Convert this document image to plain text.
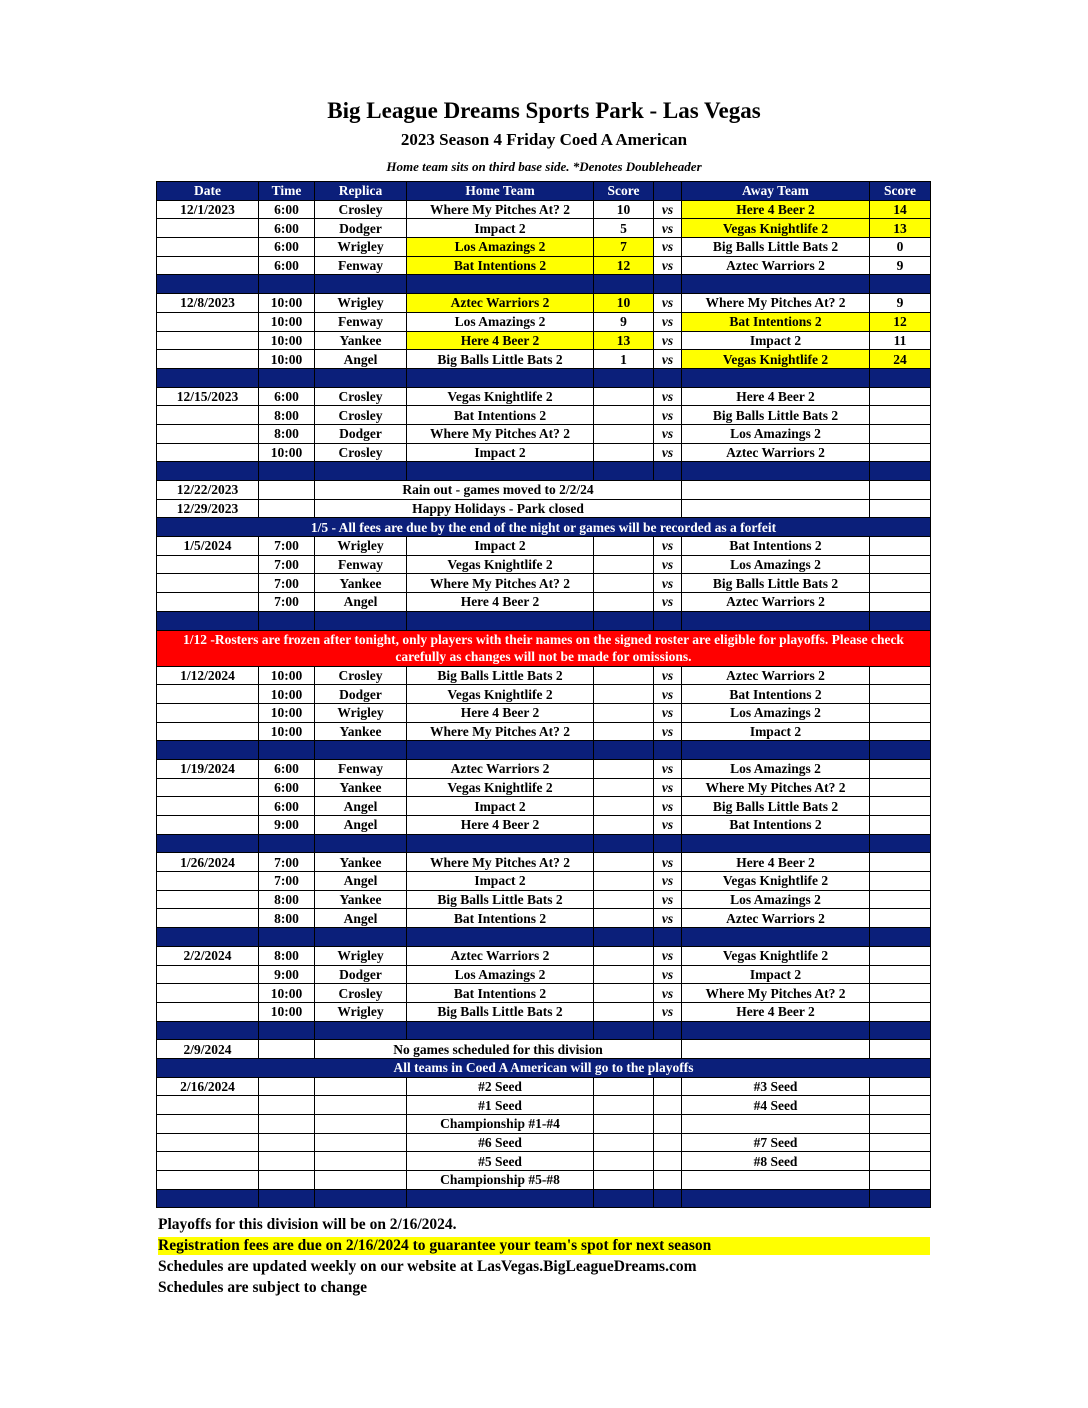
Big League Dreams Sports Park - Las Vegas
2023 Season 4 Friday Coed A American
Home team sits on third base side. *Denotes Doubleheader
Date	Time	Replica	Home Team	Score		Away Team	Score
12/1/2023	6:00	Crosley	Where My Pitches At? 2	10	vs	Here 4 Beer 2	14
	6:00	Dodger	Impact 2	5	vs	Vegas Knightlife 2	13
	6:00	Wrigley	Los Amazings 2	7	vs	Big Balls Little Bats 2	0
	6:00	Fenway	Bat Intentions 2	12	vs	Aztec Warriors 2	9

12/8/2023	10:00	Wrigley	Aztec Warriors 2	10	vs	Where My Pitches At? 2	9
	10:00	Fenway	Los Amazings 2	9	vs	Bat Intentions 2	12
	10:00	Yankee	Here 4 Beer 2	13	vs	Impact 2	11
	10:00	Angel	Big Balls Little Bats 2	1	vs	Vegas Knightlife 2	24

12/15/2023	6:00	Crosley	Vegas Knightlife 2		vs	Here 4 Beer 2	
	8:00	Crosley	Bat Intentions 2		vs	Big Balls Little Bats 2	
	8:00	Dodger	Where My Pitches At? 2		vs	Los Amazings 2	
	10:00	Crosley	Impact 2		vs	Aztec Warriors 2	

12/22/2023		Rain out - games moved to 2/2/24					
12/29/2023		Happy Holidays - Park closed					
1/5 - All fees are due by the end of the night or games will be recorded as a forfeit							
1/5/2024	7:00	Wrigley	Impact 2		vs	Bat Intentions 2	
	7:00	Fenway	Vegas Knightlife 2		vs	Los Amazings 2	
	7:00	Yankee	Where My Pitches At? 2		vs	Big Balls Little Bats 2	
	7:00	Angel	Here 4 Beer 2		vs	Aztec Warriors 2	

1/12 -Rosters are frozen after tonight, only players with their names on the signed roster are eligible for playoffs. Please check carefully as changes will not be made for omissions.							
1/12/2024	10:00	Crosley	Big Balls Little Bats 2		vs	Aztec Warriors 2	
	10:00	Dodger	Vegas Knightlife 2		vs	Bat Intentions 2	
	10:00	Wrigley	Here 4 Beer 2		vs	Los Amazings 2	
	10:00	Yankee	Where My Pitches At? 2		vs	Impact 2	

1/19/2024	6:00	Fenway	Aztec Warriors 2		vs	Los Amazings 2	
	6:00	Yankee	Vegas Knightlife 2		vs	Where My Pitches At? 2	
	6:00	Angel	Impact 2		vs	Big Balls Little Bats 2	
	9:00	Angel	Here 4 Beer 2		vs	Bat Intentions 2	

1/26/2024	7:00	Yankee	Where My Pitches At? 2		vs	Here 4 Beer 2	
	7:00	Angel	Impact 2		vs	Vegas Knightlife 2	
	8:00	Yankee	Big Balls Little Bats 2		vs	Los Amazings 2	
	8:00	Angel	Bat Intentions 2		vs	Aztec Warriors 2	

2/2/2024	8:00	Wrigley	Aztec Warriors 2		vs	Vegas Knightlife 2	
	9:00	Dodger	Los Amazings 2		vs	Impact 2	
	10:00	Crosley	Bat Intentions 2		vs	Where My Pitches At? 2	
	10:00	Wrigley	Big Balls Little Bats 2		vs	Here 4 Beer 2	

2/9/2024		No games scheduled for this division					
All teams in Coed A American will go to the playoffs							
2/16/2024			#2 Seed			#3 Seed	
			#1 Seed			#4 Seed	
			Championship #1-#4				
			#6 Seed			#7 Seed	
			#5 Seed			#8 Seed	
			Championship #5-#8				

Playoffs for this division will be on 2/16/2024.
Registration fees are due on 2/16/2024 to guarantee your team's spot for next season
Schedules are updated weekly on our website at LasVegas.BigLeagueDreams.com
Schedules are subject to change
